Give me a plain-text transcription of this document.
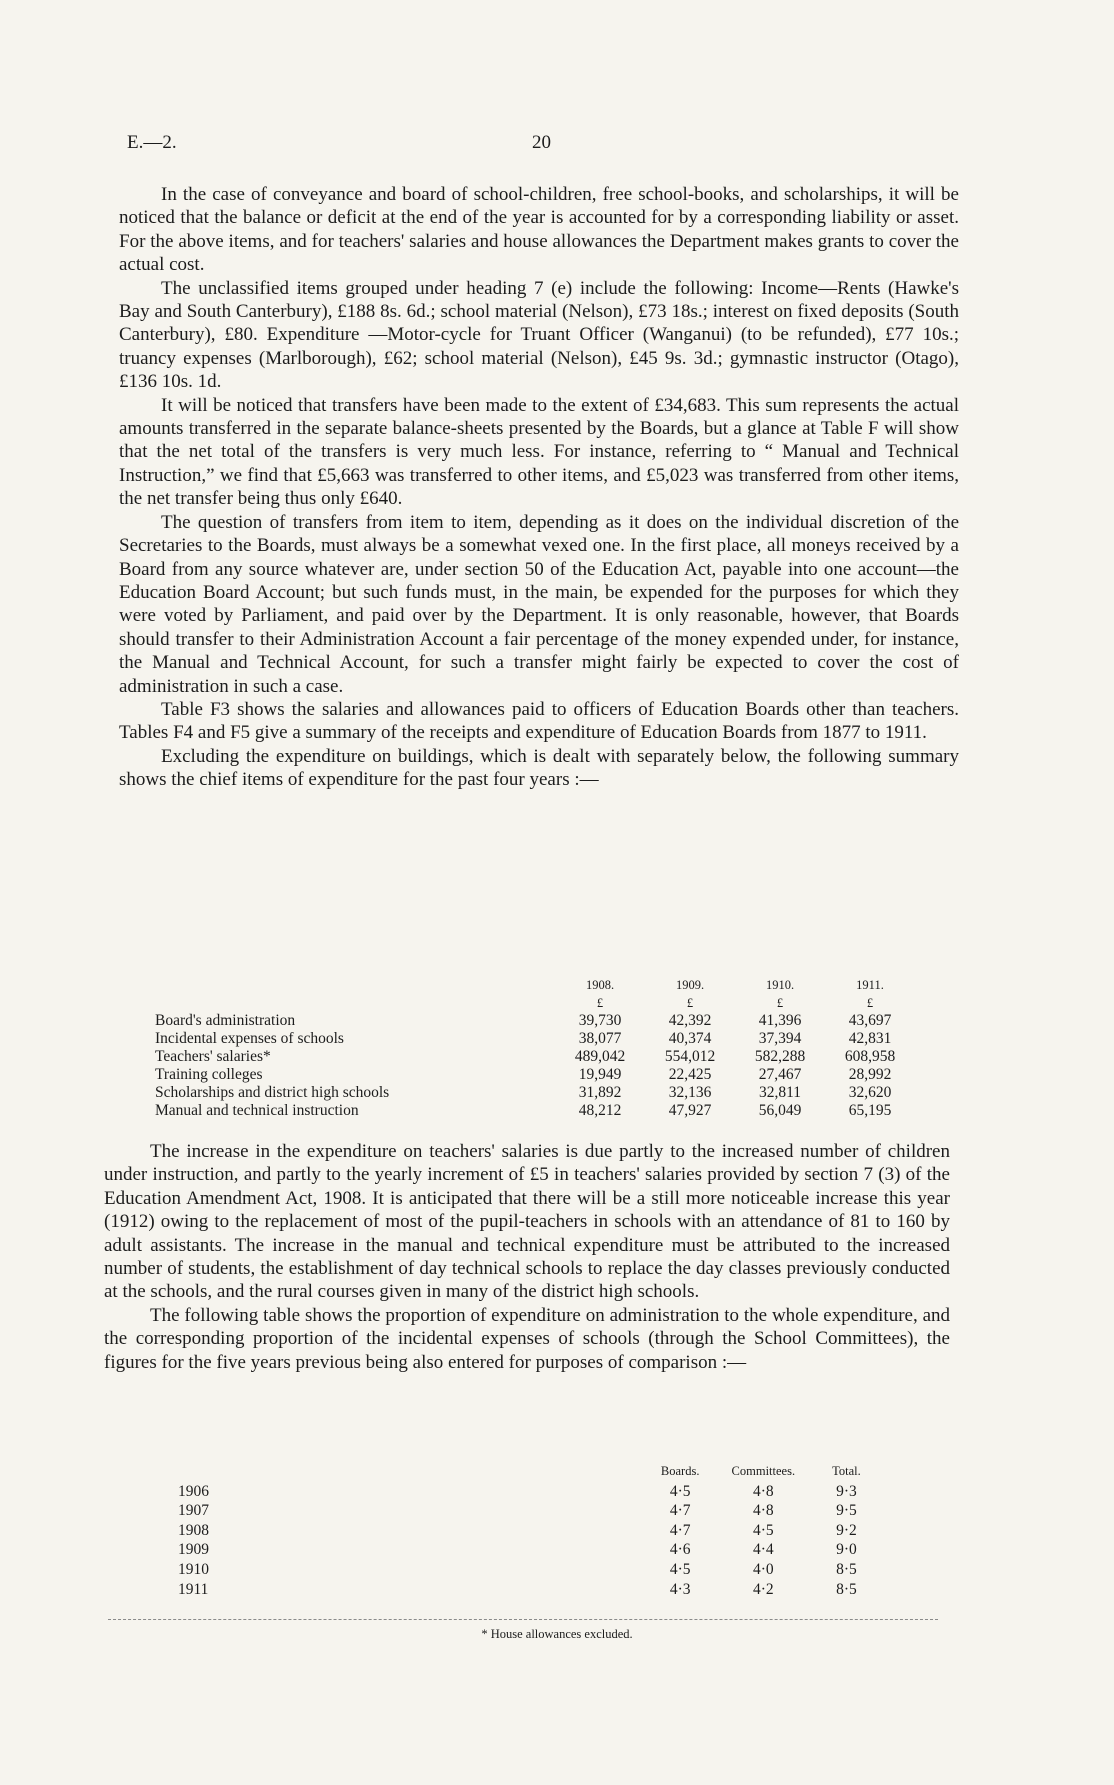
E.—2.	20

In the case of conveyance and board of school-children, free school-books, and scholarships, it will be noticed that the balance or deficit at the end of the year is accounted for by a corresponding liability or asset. For the above items, and for teachers' salaries and house allowances the Department makes grants to cover the actual cost.

The unclassified items grouped under heading 7 (e) include the following: Income—Rents (Hawke's Bay and South Canterbury), £188 8s. 6d.; school material (Nelson), £73 18s.; interest on fixed deposits (South Canterbury), £80. Expenditure —Motor-cycle for Truant Officer (Wanganui) (to be refunded), £77 10s.; truancy expenses (Marlborough), £62; school material (Nelson), £45 9s. 3d.; gymnastic instructor (Otago), £136 10s. 1d.

It will be noticed that transfers have been made to the extent of £34,683. This sum represents the actual amounts transferred in the separate balance-sheets presented by the Boards, but a glance at Table F will show that the net total of the transfers is very much less. For instance, referring to “ Manual and Technical Instruction,” we find that £5,663 was transferred to other items, and £5,023 was transferred from other items, the net transfer being thus only £640.

The question of transfers from item to item, depending as it does on the individual discretion of the Secretaries to the Boards, must always be a somewhat vexed one. In the first place, all moneys received by a Board from any source whatever are, under section 50 of the Education Act, payable into one account—the Education Board Account; but such funds must, in the main, be expended for the purposes for which they were voted by Parliament, and paid over by the Department. It is only reasonable, however, that Boards should transfer to their Administration Account a fair percentage of the money expended under, for instance, the Manual and Technical Account, for such a transfer might fairly be expected to cover the cost of administration in such a case.

Table F3 shows the salaries and allowances paid to officers of Education Boards other than teachers. Tables F4 and F5 give a summary of the receipts and expenditure of Education Boards from 1877 to 1911.

Excluding the expenditure on buildings, which is dealt with separately below, the following summary shows the chief items of expenditure for the past four years :—

	1908.	1909.	1910.	1911.
	£	£	£	£
Board's administration	39,730	42,392	41,396	43,697
Incidental expenses of schools	38,077	40,374	37,394	42,831
Teachers' salaries*	489,042	554,012	582,288	608,958
Training colleges	19,949	22,425	27,467	28,992
Scholarships and district high schools	31,892	32,136	32,811	32,620
Manual and technical instruction	48,212	47,927	56,049	65,195

The increase in the expenditure on teachers' salaries is due partly to the increased number of children under instruction, and partly to the yearly increment of £5 in teachers' salaries provided by section 7 (3) of the Education Amendment Act, 1908. It is anticipated that there will be a still more noticeable increase this year (1912) owing to the replacement of most of the pupil-teachers in schools with an attendance of 81 to 160 by adult assistants. The increase in the manual and technical expenditure must be attributed to the increased number of students, the establishment of day technical schools to replace the day classes previously conducted at the schools, and the rural courses given in many of the district high schools.

The following table shows the proportion of expenditure on administration to the whole expenditure, and the corresponding proportion of the incidental expenses of schools (through the School Committees), the figures for the five years previous being also entered for purposes of comparison :—

	Boards.	Committees.	Total.
1906	4·5	4·8	9·3
1907	4·7	4·8	9·5
1908	4·7	4·5	9·2
1909	4·6	4·4	9·0
1910	4·5	4·0	8·5
1911	4·3	4·2	8·5
* House allowances excluded.
